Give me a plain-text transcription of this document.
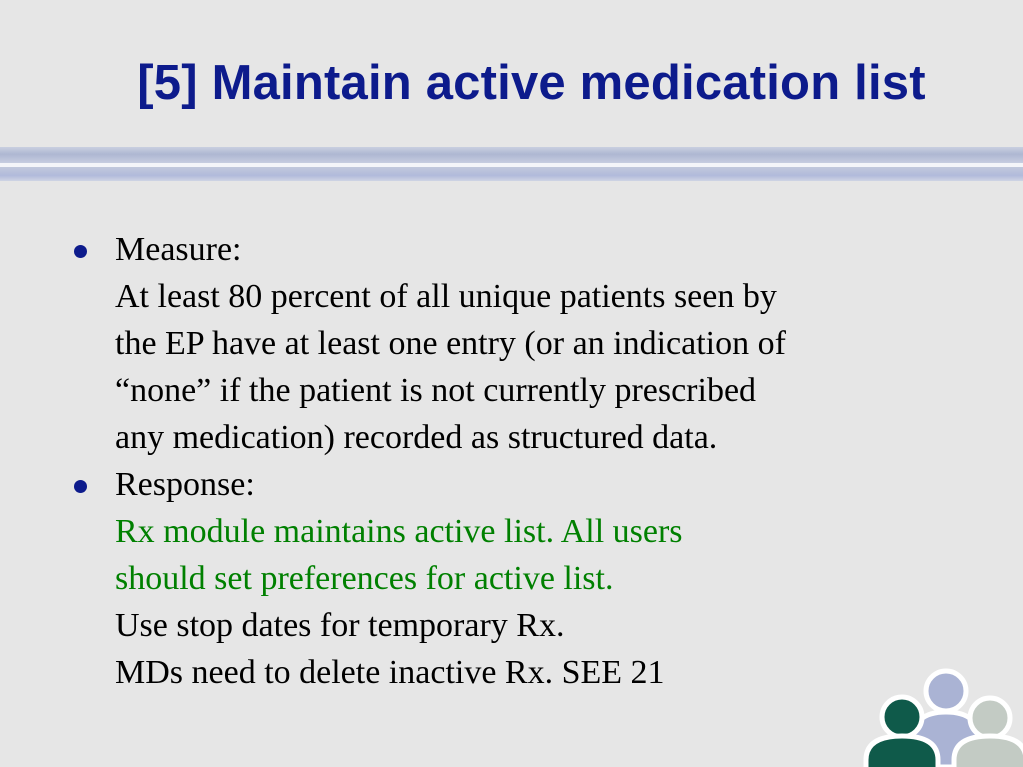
[5] Maintain active medication list
Measure:
At least 80 percent of all unique patients seen by
the EP have at least one entry (or an indication of
“none” if the patient is not currently prescribed
any medication) recorded as structured data.
Response:
Rx module maintains active list. All users
should set preferences for active list.
Use stop dates for temporary Rx.
MDs need to delete inactive Rx. SEE 21
